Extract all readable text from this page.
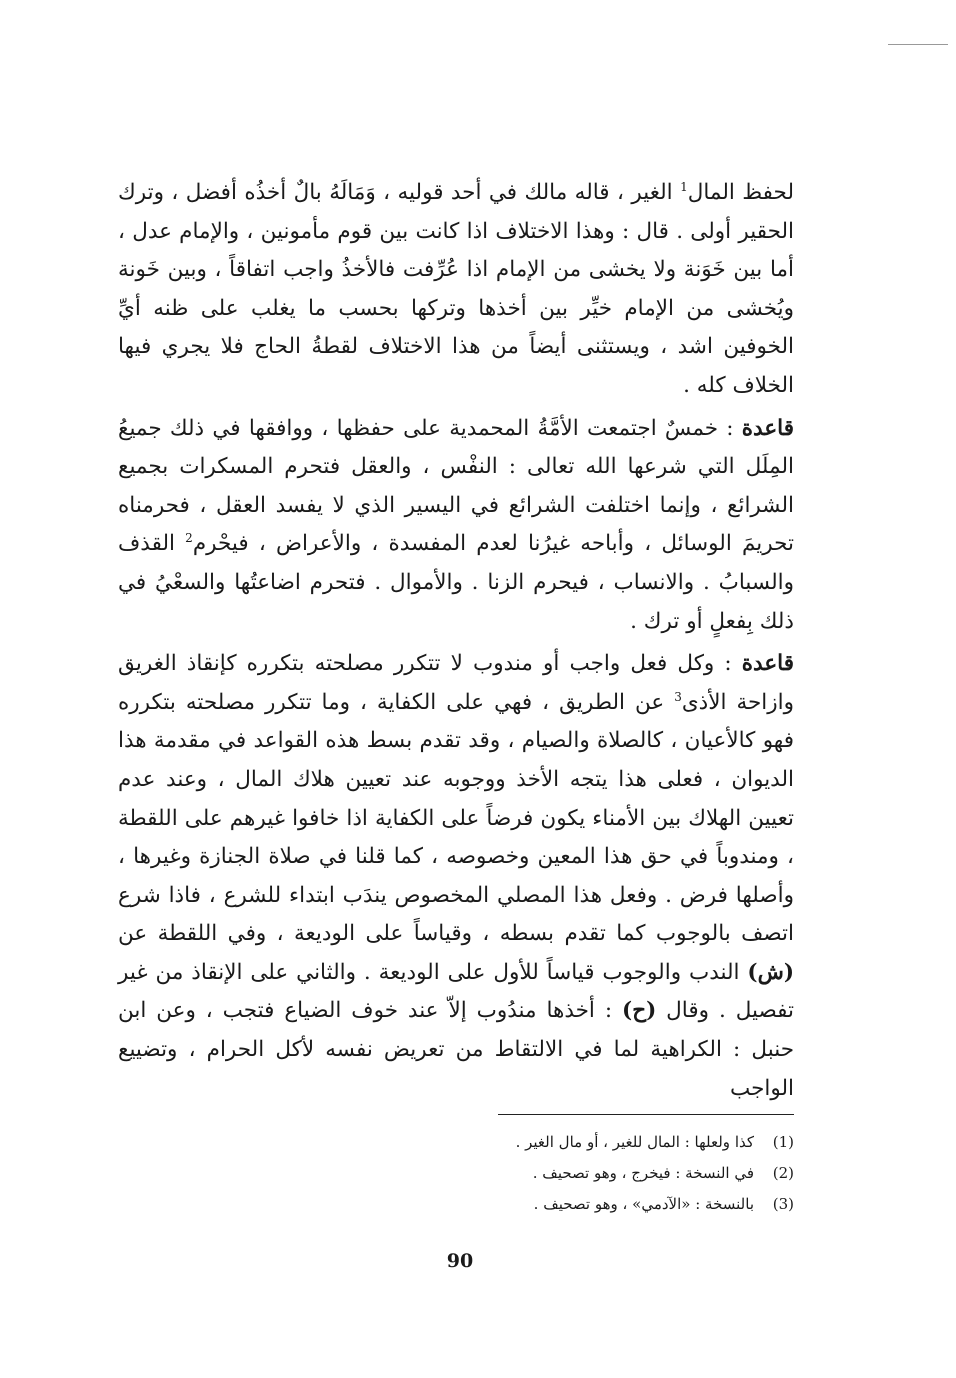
لحفظ المال$^1$ الغير ، قاله مالك في أحد قوليه ، وَمَالَهُ بالٌ أخذُه أفضل ، وترك الحقير أولى . قال : وهذا الاختلاف اذا كانت بين قوم مأمونين ، والإمام عدل ، أما بين خَوَنة ولا يخشى من الإمام اذا عُرِّفت فالأخذُ واجب اتفاقاً ، وبين خَونة ويُخشى من الإمام خيِّر بين أخذها وتركها بحسب ما يغلب على ظنه أيِّ الخوفين اشد ، ويستثنى أيضاً من هذا الاختلاف لقطةُ الحاج فلا يجري فيها الخلاف كله .

قاعدة : خمسٌ اجتمعت الأمَّةُ المحمدية على حفظها ، ووافقها في ذلك جميعُ المِلَل التي شرعها الله تعالى : النفْس ، والعقل فتحرم المسكرات بجميع الشرائع ، وإنما اختلفت الشرائع في اليسير الذي لا يفسد العقل ، فحرمناه تحريمَ الوسائل ، وأباحه غيرُنا لعدم المفسدة ، والأعراض ، فيحْرم$^2$ القذف والسبابُ . والانساب ، فيحرم الزنا . والأموال . فتحرم اضاعتُها والسعْيُ في ذلك بِفعلٍ أو ترك .

قاعدة : وكل فعل واجب أو مندوب لا تتكرر مصلحته بتكرره كإنقاذ الغريق وازاحة الأذى$^3$ عن الطريق ، فهي على الكفاية ، وما تتكرر مصلحته بتكرره فهو كالأعيان ، كالصلاة والصيام ، وقد تقدم بسط هذه القواعد في مقدمة هذا الديوان ، فعلى هذا يتجه الأخذ ووجوبه عند تعيين هلاك المال ، وعند عدم تعيين الهلاك بين الأمناء يكون فرضاً على الكفاية اذا خافوا غيرهم على اللقطة ، ومندوباً في حق هذا المعين وخصوصه ، كما قلنا في صلاة الجنازة وغيرها ، وأصلها فرض . وفعل هذا المصلي المخصوص يندَب ابتداء للشرع ، فاذا شرع اتصف بالوجوب كما تقدم بسطه ، وقياساً على الوديعة ، وفي اللقطة عن (ش) الندب والوجوب قياساً للأول على الوديعة . والثاني على الإنقاذ من غير تفصيل . وقال (ح) : أخذها مندُوب إلاّ عند خوف الضياع فتجب ، وعن ابن حنبل : الكراهية لما في الالتقاط من تعريض نفسه لأكل الحرام ، وتضييع الواجب

(1)
كذا ولعلها : المال للغير ، أو مال الغير .
(2)
في النسخة : فيخرج ، وهو تصحيف .
(3)
بالنسخة : «الآدمي» ، وهو تصحيف .
90
